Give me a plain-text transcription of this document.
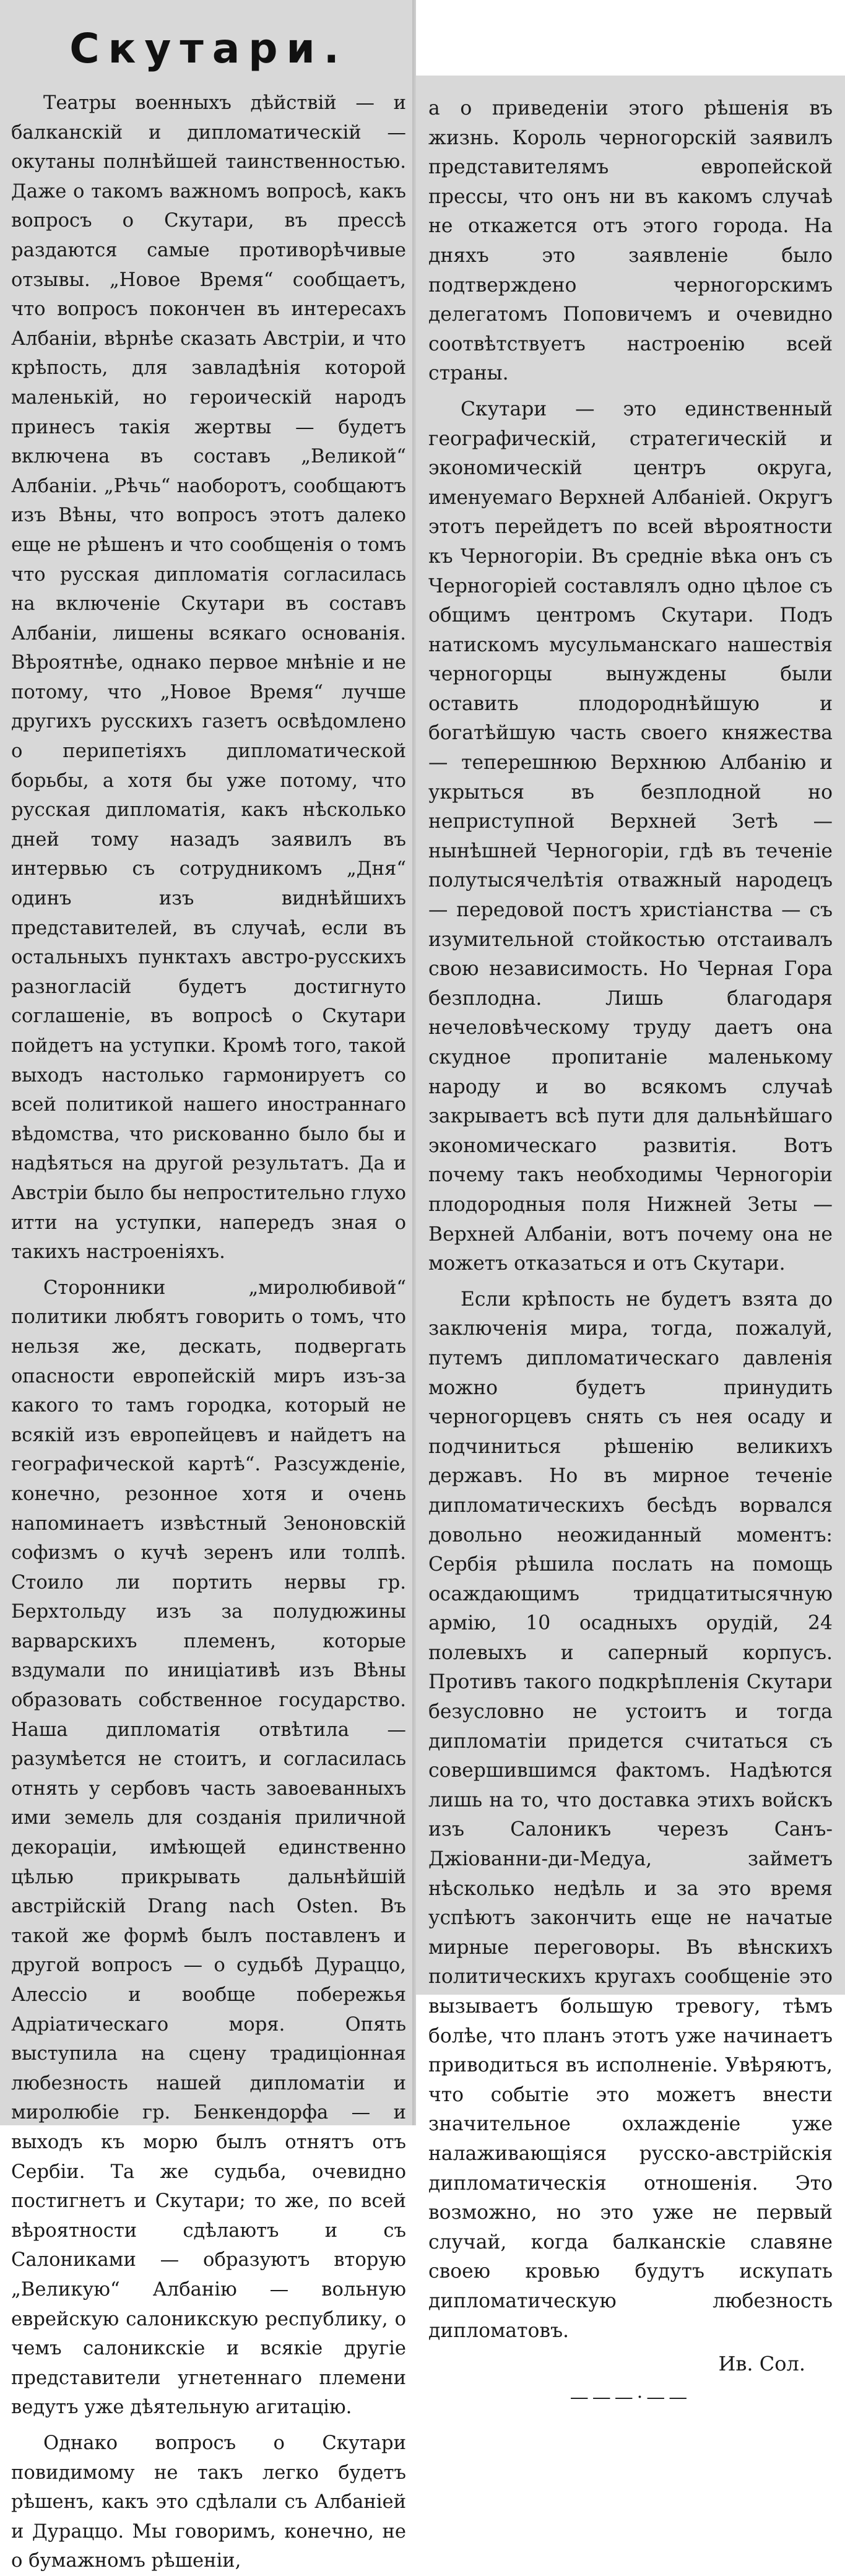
Скутари.

Театры военныхъ дѣйствій — и балканскій и дипломатическій — окутаны полнѣйшей таинственностью. Даже о такомъ важномъ вопросѣ, какъ вопросъ о Скутари, въ прессѣ раздаются самые противорѣчивые отзывы. „Новое Время“ сообщаетъ, что вопросъ покончен въ интересахъ Албаніи, вѣрнѣе сказать Австріи, и что крѣпость, для завладѣнія которой маленькій, но героическій народъ принесъ такія жертвы — будетъ включена въ составъ „Великой“ Албаніи. „Рѣчь“ наоборотъ, сообщаютъ изъ Вѣны, что вопросъ этотъ далеко еще не рѣшенъ и что сообщенія о томъ что русская дипломатія согласилась на включеніе Скутари въ составъ Албаніи, лишены всякаго основанія. Вѣроятнѣе, однако первое мнѣніе и не потому, что „Новое Время“ лучше другихъ русскихъ газетъ освѣдомлено о перипетіяхъ дипломатической борьбы, а хотя бы уже потому, что русская дипломатія, какъ нѣсколько дней тому назадъ заявилъ въ интервью съ сотрудникомъ „Дня“ одинъ изъ виднѣйшихъ представителей, въ случаѣ, если въ остальныхъ пунктахъ австро-русскихъ разногласій будетъ достигнуто соглашеніе, въ вопросѣ о Скутари пойдетъ на уступки. Кромѣ того, такой выходъ настолько гармонируетъ со всей политикой нашего иностраннаго вѣдомства, что рискованно было бы и надѣяться на другой результатъ. Да и Австріи было бы непростительно глухо итти на уступки, напередъ зная о такихъ настроеніяхъ.

Сторонники „миролюбивой“ политики любятъ говорить о томъ, что нельзя же, дескать, подвергать опасности европейскій миръ изъ-за какого то тамъ городка, который не всякій изъ европейцевъ и найдетъ на географической картѣ“. Разсужденіе, конечно, резонное хотя и очень напоминаетъ извѣстный Зеноновскій софизмъ о кучѣ зеренъ или толпѣ. Стоило ли портить нервы гр. Берхтольду изъ за полудюжины варварскихъ племенъ, которые вздумали по иниціативѣ изъ Вѣны образовать собственное государство. Наша дипломатія отвѣтила — разумѣется не стоитъ, и согласилась отнять у сербовъ часть завоеванныхъ ими земель для созданія приличной декораціи, имѣющей единственно цѣлью прикрывать дальнѣйшій австрійскій Drang nach Osten. Въ такой же формѣ былъ поставленъ и другой вопросъ — о судьбѣ Дураццо, Алессіо и вообще побережья Адріатическаго моря. Опять выступила на сцену традиціонная любезность нашей дипломатіи и миролюбіе гр. Бенкендорфа — и выходъ къ морю былъ отнятъ отъ Сербіи. Та же судьба, очевидно постигнетъ и Скутари; то же, по всей вѣроятности сдѣлаютъ и съ Салониками — образуютъ вторую „Великую“ Албанію — вольную еврейскую салоникскую республику, о чемъ салоникскіе и всякіе другіе представители угнетеннаго племени ведутъ уже дѣятельную агитацію.

Однако вопросъ о Скутари повидимому не такъ легко будетъ рѣшенъ, какъ это сдѣлали съ Албаніей и Дураццо. Мы говоримъ, конечно, не о бумажномъ рѣшеніи,

а о приведеніи этого рѣшенія въ жизнь. Король черногорскій заявилъ представителямъ европейской прессы, что онъ ни въ какомъ случаѣ не откажется отъ этого города. На дняхъ это заявленіе было подтверждено черногорскимъ делегатомъ Поповичемъ и очевидно соотвѣтствуетъ настроенію всей страны.

Скутари — это единственный географическій, стратегическій и экономическій центръ округа, именуемаго Верхней Албаніей. Округъ этотъ перейдетъ по всей вѣроятности къ Черногоріи. Въ средніе вѣка онъ съ Черногоріей составлялъ одно цѣлое съ общимъ центромъ Скутари. Подъ натискомъ мусульманскаго нашествія черногорцы вынуждены были оставить плодороднѣйшую и богатѣйшую часть своего княжества — теперешнюю Верхнюю Албанію и укрыться въ безплодной но неприступной Верхней Зетѣ — нынѣшней Черногоріи, гдѣ въ теченіе полутысячелѣтія отважный народецъ — передовой постъ христіанства — съ изумительной стойкостью отстаивалъ свою независимость. Но Черная Гора безплодна. Лишь благодаря нечеловѣческому труду даетъ она скудное пропитаніе маленькому народу и во всякомъ случаѣ закрываетъ всѣ пути для дальнѣйшаго экономическаго развитія. Вотъ почему такъ необходимы Черногоріи плодородныя поля Нижней Зеты — Верхней Албаніи, вотъ почему она не можетъ отказаться и отъ Скутари.

Если крѣпость не будетъ взята до заключенія мира, тогда, пожалуй, путемъ дипломатическаго давленія можно будетъ принудить черногорцевъ снять съ нея осаду и подчиниться рѣшенію великихъ державъ. Но въ мирное теченіе дипломатическихъ бесѣдъ ворвался довольно неожиданный моментъ: Сербія рѣшила послать на помощь осаждающимъ тридцатитысячную армію, 10 осадныхъ орудій, 24 полевыхъ и саперный корпусъ. Противъ такого подкрѣпленія Скутари безусловно не устоитъ и тогда дипломатіи придется считаться съ совершившимся фактомъ. Надѣются лишь на то, что доставка этихъ войскъ изъ Салоникъ черезъ Санъ-Джіованни-ди-Медуа, займетъ нѣсколько недѣль и за это время успѣютъ закончить еще не начатые мирные переговоры. Въ вѣнскихъ политическихъ кругахъ сообщеніе это вызываетъ большую тревогу, тѣмъ болѣе, что планъ этотъ уже начинаетъ приводиться въ исполненіе. Увѣряютъ, что событіе это можетъ внести значительное охлажденіе уже налаживающіяся русско-австрійскія дипломатическія отношенія. Это возможно, но это уже не первый случай, когда балканскіе славяне своею кровью будутъ искупать дипломатическую любезность дипломатовъ.

Ив. Сол.
———·——
